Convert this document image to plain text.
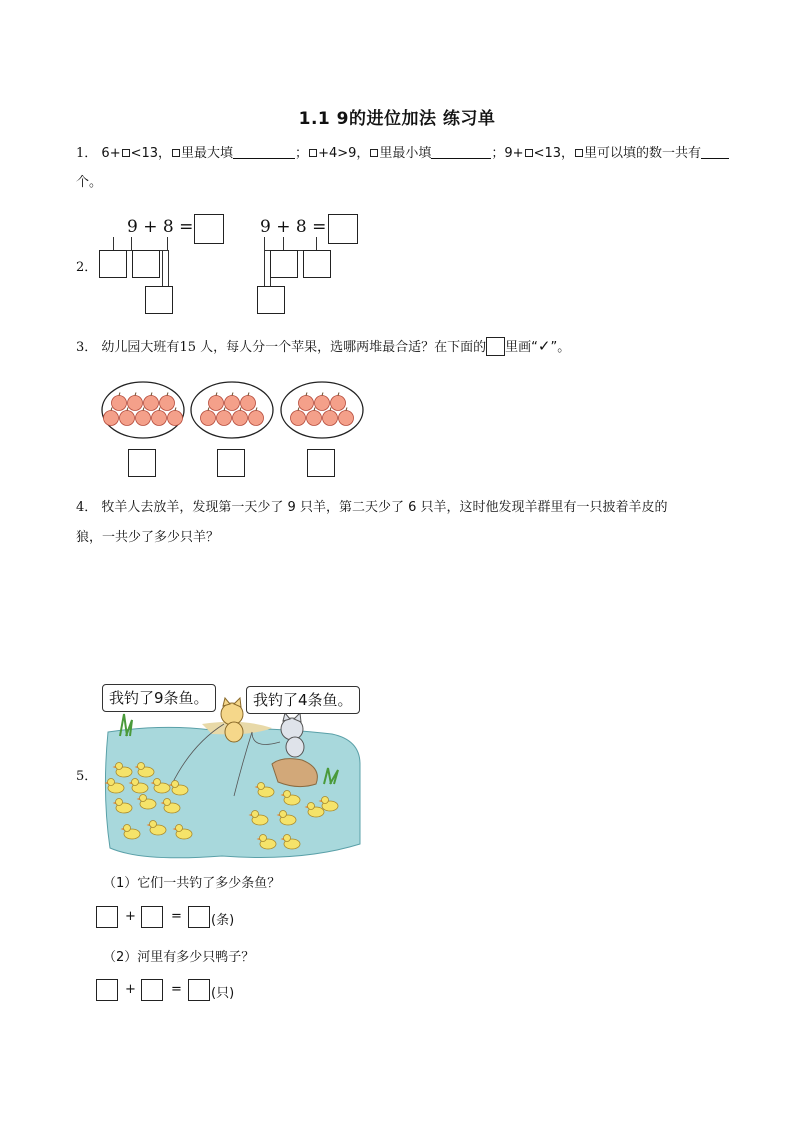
1.1 9的进位加法 练习单
1． 6+ <13， 里最大填	； +4>9， 里最小填	；9+ <13， 里可以填的数一共有
个。
2．
9 + 8 =	9 + 8 =
3． 幼儿园大班有15 人，每人分一个苹果，选哪两堆最合适？在下面的 里画“✓”。
4． 牧羊人去放羊，发现第一天少了 9 只羊，第二天少了 6 只羊，这时他发现羊群里有一只披着羊皮的
狼，一共少了多少只羊？
5．
我钓了9条鱼。	我钓了4条鱼。
（1）它们一共钓了多少条鱼？
+	= (条)
（2）河里有多少只鸭子？
+	= (只)
